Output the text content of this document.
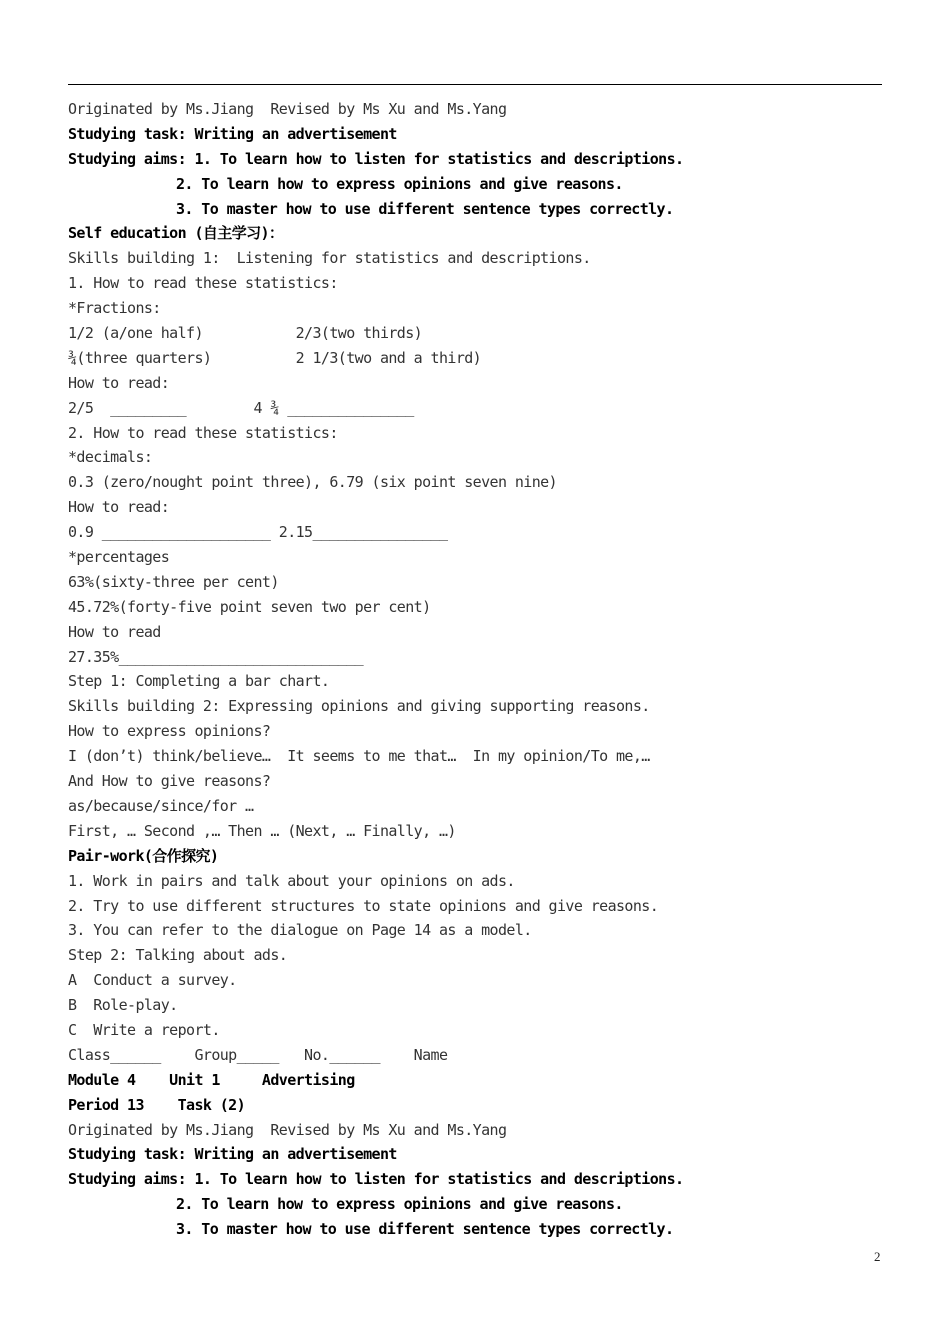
Originated by Ms.Jiang  Revised by Ms Xu and Ms.Yang
Studying task: Writing an advertisement
Studying aims: 1. To learn how to listen for statistics and descriptions.
2. To learn how to express opinions and give reasons.
3. To master how to use different sentence types correctly.
Self education (自主学习)：
Skills building 1:  Listening for statistics and descriptions.
1. How to read these statistics:
*Fractions:
1/2 (a/one half)           2/3(two thirds)
¾(three quarters)          2 1/3(two and a third)
How to read:
2/5  _________        4 ¾ _______________
2. How to read these statistics:
*decimals:
0.3 (zero/nought point three), 6.79 (six point seven nine)
How to read:
0.9 ____________________ 2.15________________
*percentages
63%(sixty-three per cent)
45.72%(forty-five point seven two per cent)
How to read
27.35%_____________________________
Step 1: Completing a bar chart.
Skills building 2: Expressing opinions and giving supporting reasons.
How to express opinions?
I (don’t) think/believe…  It seems to me that…  In my opinion/To me,…
And How to give reasons?
as/because/since/for …
First, … Second ,… Then … (Next, … Finally, …)
Pair-work(合作探究)
1. Work in pairs and talk about your opinions on ads.
2. Try to use different structures to state opinions and give reasons.
3. You can refer to the dialogue on Page 14 as a model.
Step 2: Talking about ads.
A  Conduct a survey.
B  Role-play.
C  Write a report.
Class______    Group_____   No.______    Name
Module 4    Unit 1     Advertising
Period 13    Task (2)
Originated by Ms.Jiang  Revised by Ms Xu and Ms.Yang
Studying task: Writing an advertisement
Studying aims: 1. To learn how to listen for statistics and descriptions.
2. To learn how to express opinions and give reasons.
3. To master how to use different sentence types correctly.
2
